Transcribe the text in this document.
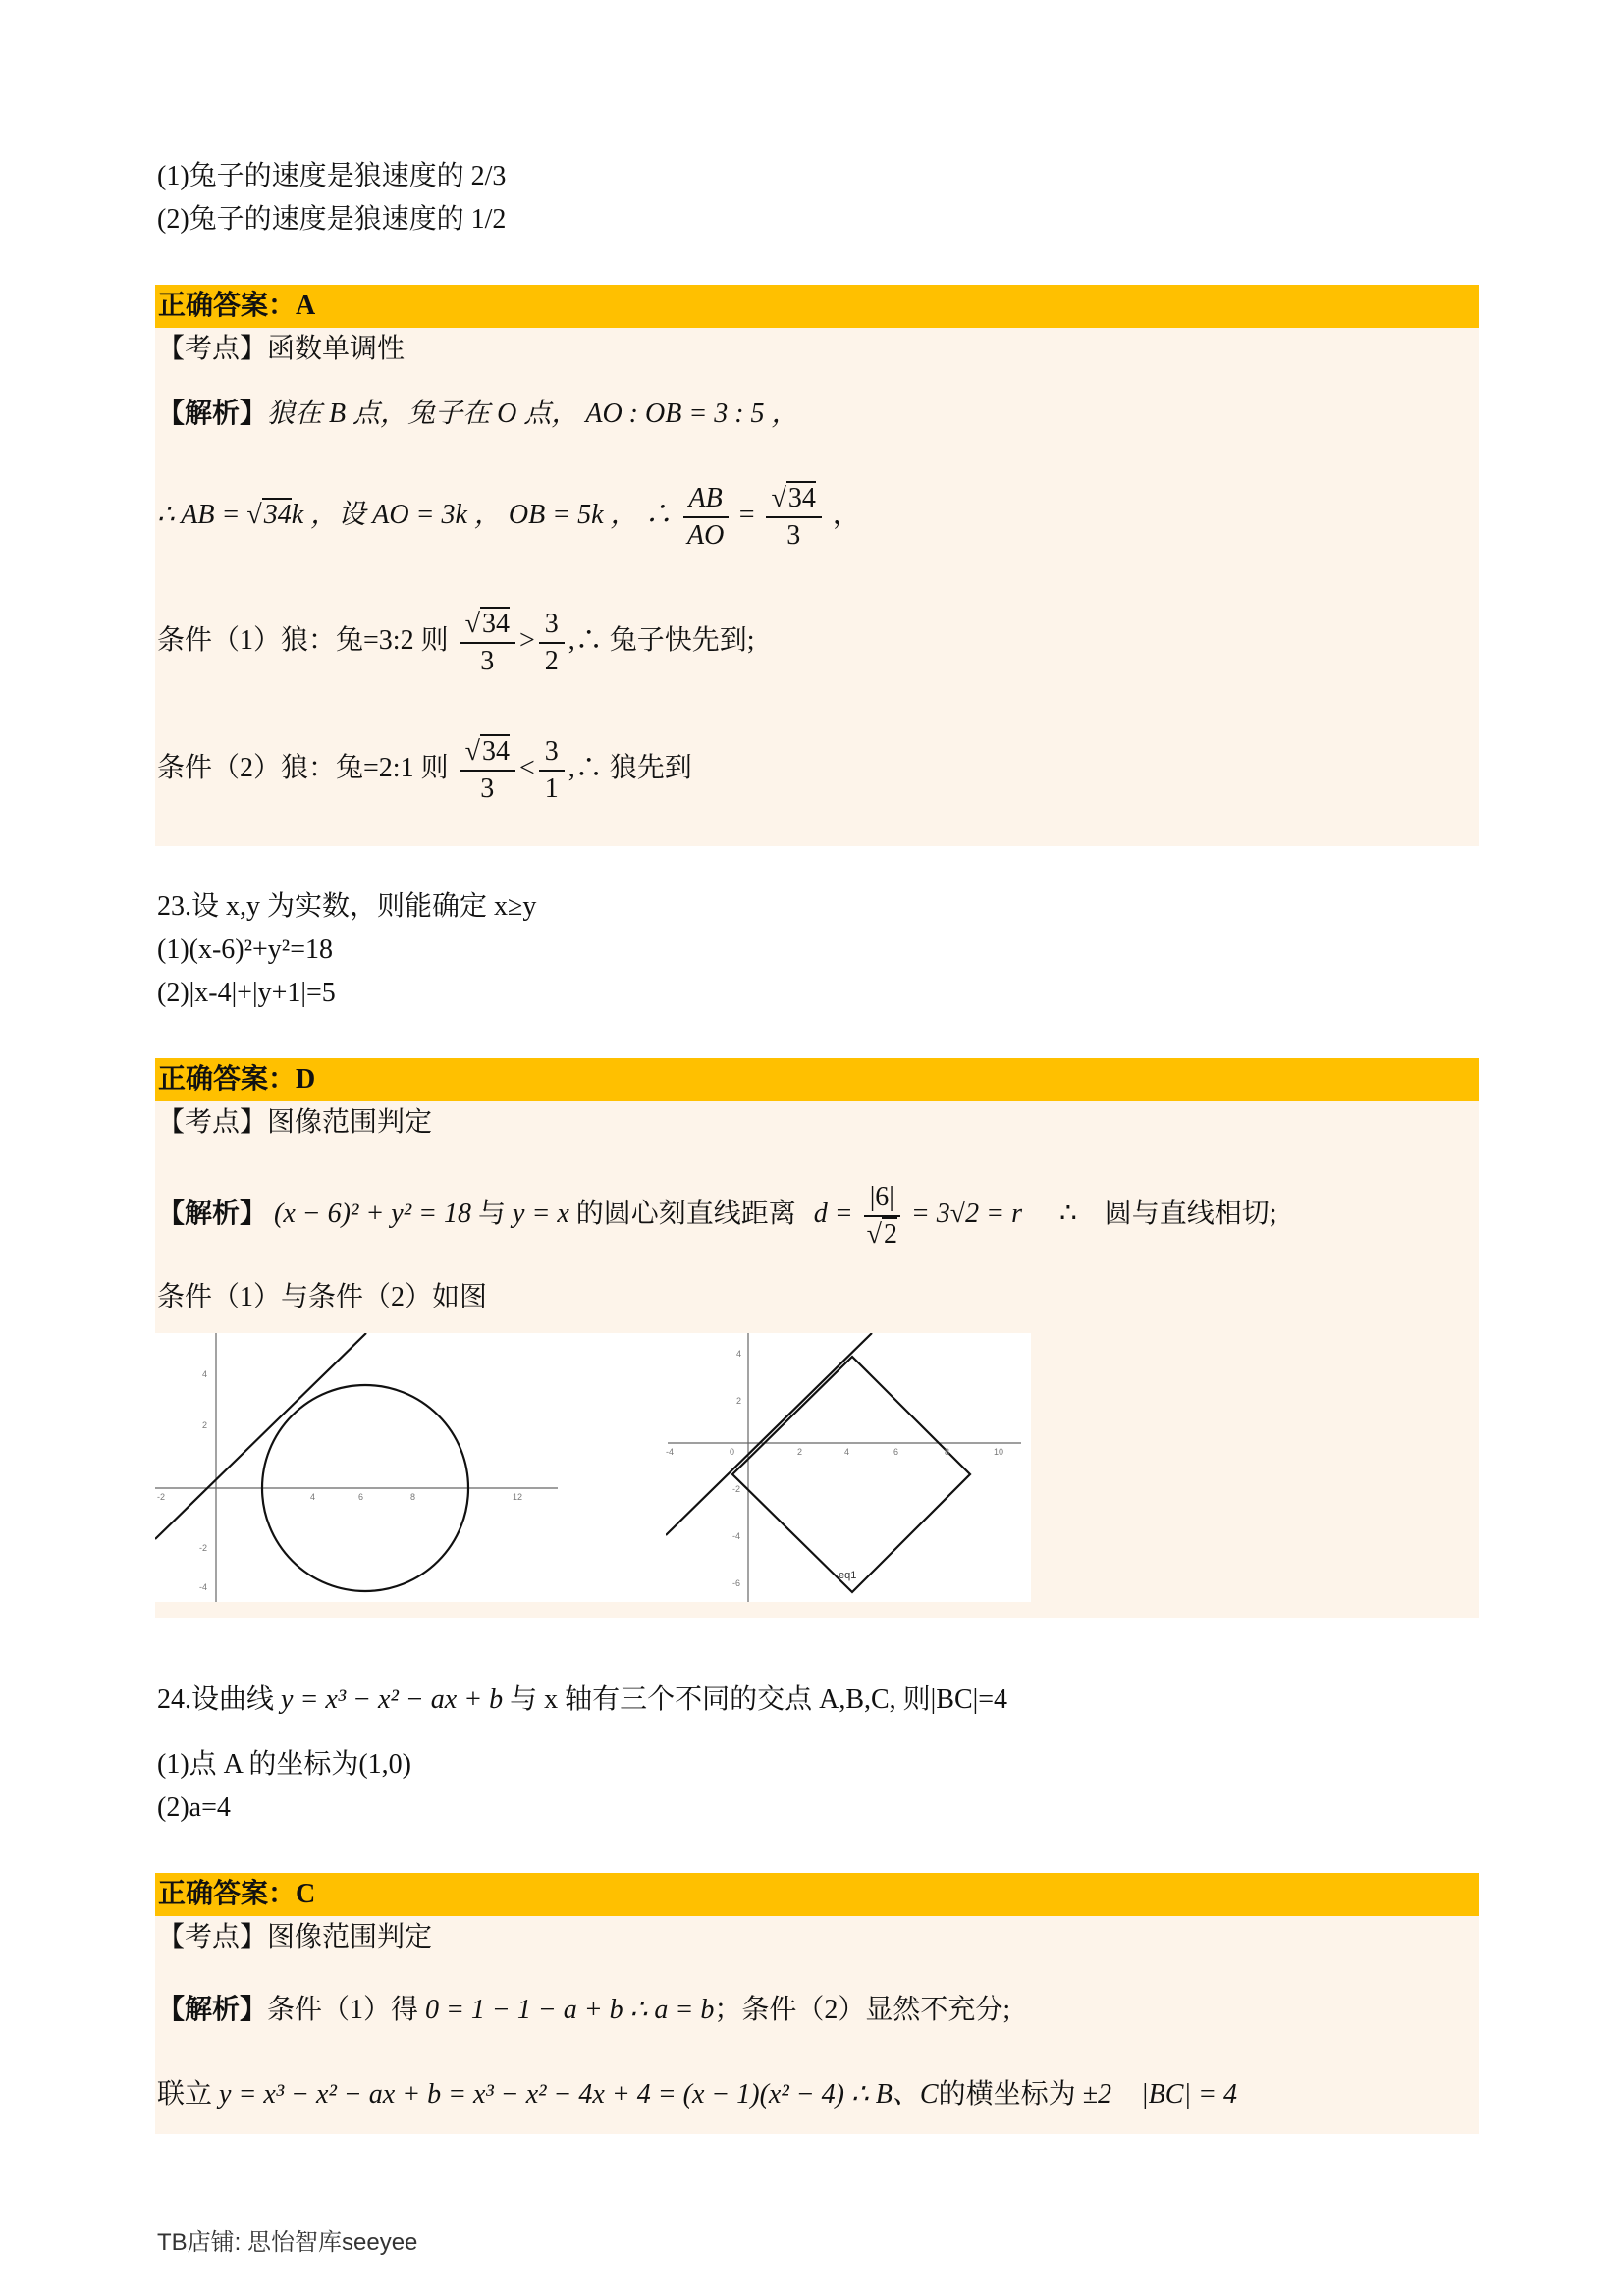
(1)兔子的速度是狼速度的 2/3
(2)兔子的速度是狼速度的 1/2
正确答案：A
【考点】函数单调性
【解析】狼在 B 点，兔子在 O 点， AO : OB = 3 : 5 ，
∴ AB = √34k ，设 AO = 3k ， OB = 5k ， ∴ $\frac{AB}{AO} = \frac{√34}{3}$ ，
条件（1）狼：兔=3:2 则 $\frac{√34}{3} > \frac{3}{2}$ ,∴ 兔子快先到;
条件（2）狼：兔=2:1 则 $\frac{√34}{3} < \frac{3}{1}$ ,∴ 狼先到
23.设 x,y 为实数，则能确定 x≥y
(1)(x-6)²+y²=18
(2)|x-4|+|y+1|=5
正确答案：D
【考点】图像范围判定
【解析】 (x − 6)² + y² = 18 与 y = x 的圆心刻直线距离 $d = \frac{|6|}{√2} = 3√2 = r$ ∴ 圆与直线相切;
条件（1）与条件（2）如图
-2	4	6	8	12
4
2
-2
-4
-4	0	2	4	6	8	10
4
2
-2
-4
-6
eq1
24.设曲线 y = x³ − x² − ax + b 与 x 轴有三个不同的交点 A,B,C, 则|BC|=4
(1)点 A 的坐标为(1,0)
(2)a=4
正确答案：C
【考点】图像范围判定
【解析】条件（1）得 0 = 1 − 1 − a + b ∴ a = b；条件（2）显然不充分;
联立 y = x³ − x² − ax + b = x³ − x² − 4x + 4 = (x − 1)(x² − 4) ∴ B、C的横坐标为 ±2 |BC| = 4
TB店铺: 思怡智库seeyee
